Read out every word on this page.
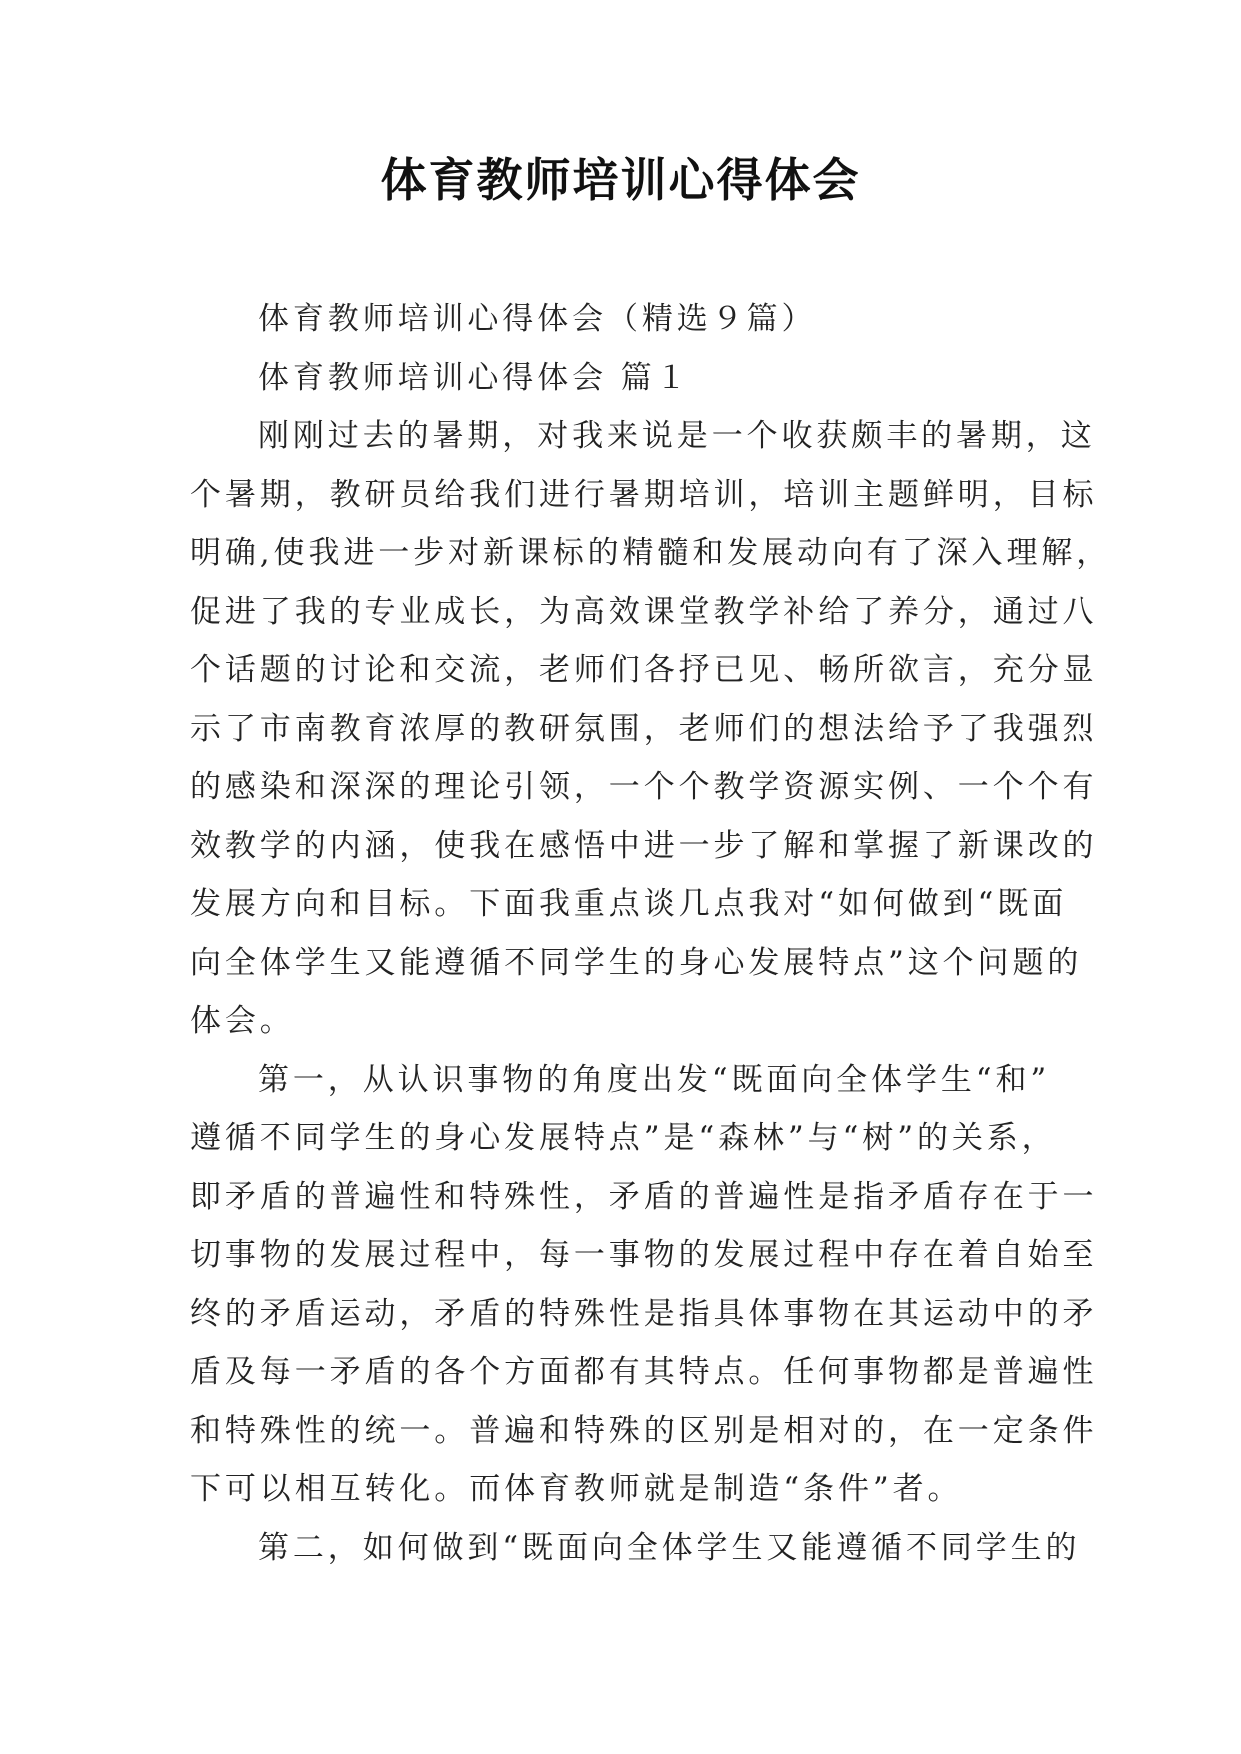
体育教师培训心得体会
体育教师培训心得体会（精选９篇）
体育教师培训心得体会 篇１
刚刚过去的暑期，对我来说是一个收获颇丰的暑期，这
个暑期，教研员给我们进行暑期培训，培训主题鲜明，目标
明确,使我进一步对新课标的精髓和发展动向有了深入理解，
促进了我的专业成长，为高效课堂教学补给了养分，通过八
个话题的讨论和交流，老师们各抒已见、畅所欲言，充分显
示了市南教育浓厚的教研氛围，老师们的想法给予了我强烈
的感染和深深的理论引领，一个个教学资源实例、一个个有
效教学的内涵，使我在感悟中进一步了解和掌握了新课改的
发展方向和目标。下面我重点谈几点我对“如何做到“既面
向全体学生又能遵循不同学生的身心发展特点”这个问题的
体会。
第一，从认识事物的角度出发“既面向全体学生“和”
遵循不同学生的身心发展特点”是“森林”与“树”的关系，
即矛盾的普遍性和特殊性，矛盾的普遍性是指矛盾存在于一
切事物的发展过程中，每一事物的发展过程中存在着自始至
终的矛盾运动，矛盾的特殊性是指具体事物在其运动中的矛
盾及每一矛盾的各个方面都有其特点。任何事物都是普遍性
和特殊性的统一。普遍和特殊的区别是相对的，在一定条件
下可以相互转化。而体育教师就是制造“条件”者。
第二，如何做到“既面向全体学生又能遵循不同学生的
